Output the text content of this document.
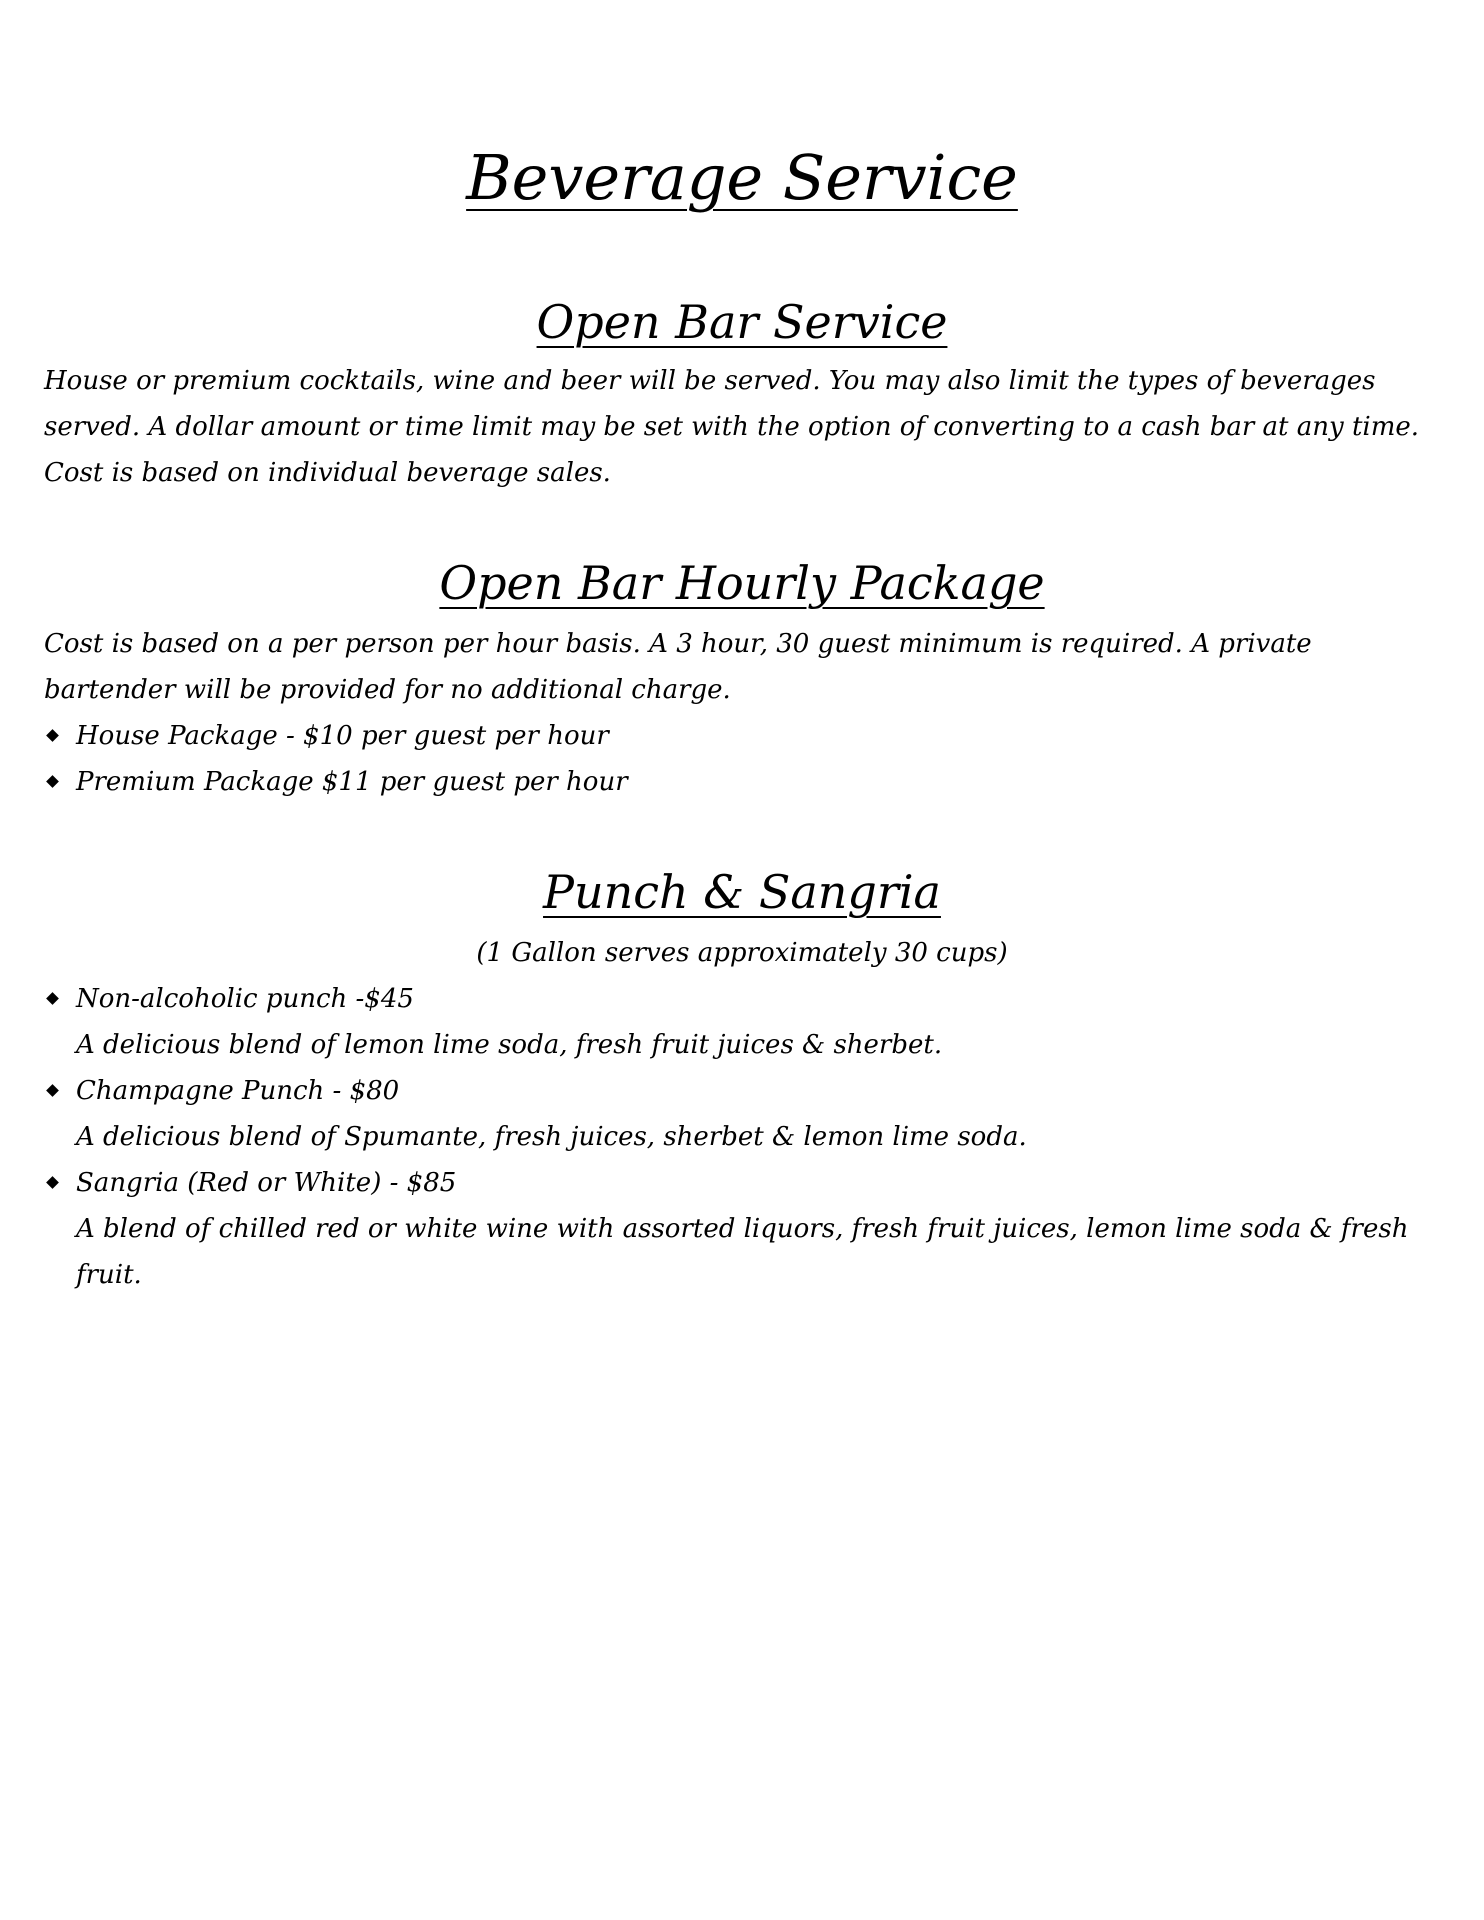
Beverage Service
Open Bar Service

House or premium cocktails, wine and beer will be served. You may also limit the types of beverages served. A dollar amount or time limit may be set with the option of converting to a cash bar at any time. Cost is based on individual beverage sales.

Open Bar Hourly Package

Cost is based on a per person per hour basis. A 3 hour, 30 guest minimum is required. A private bartender will be provided for no additional charge.

House Package - $10 per guest per hour
Premium Package $11 per guest per hour
Punch & Sangria

(1 Gallon serves approximately 30 cups)

Non-alcoholic punch -$45
A delicious blend of lemon lime soda, fresh fruit juices & sherbet.
Champagne Punch - $80
A delicious blend of Spumante, fresh juices, sherbet & lemon lime soda.
Sangria (Red or White) - $85
A blend of chilled red or white wine with assorted liquors, fresh fruit juices, lemon lime soda & fresh fruit.
